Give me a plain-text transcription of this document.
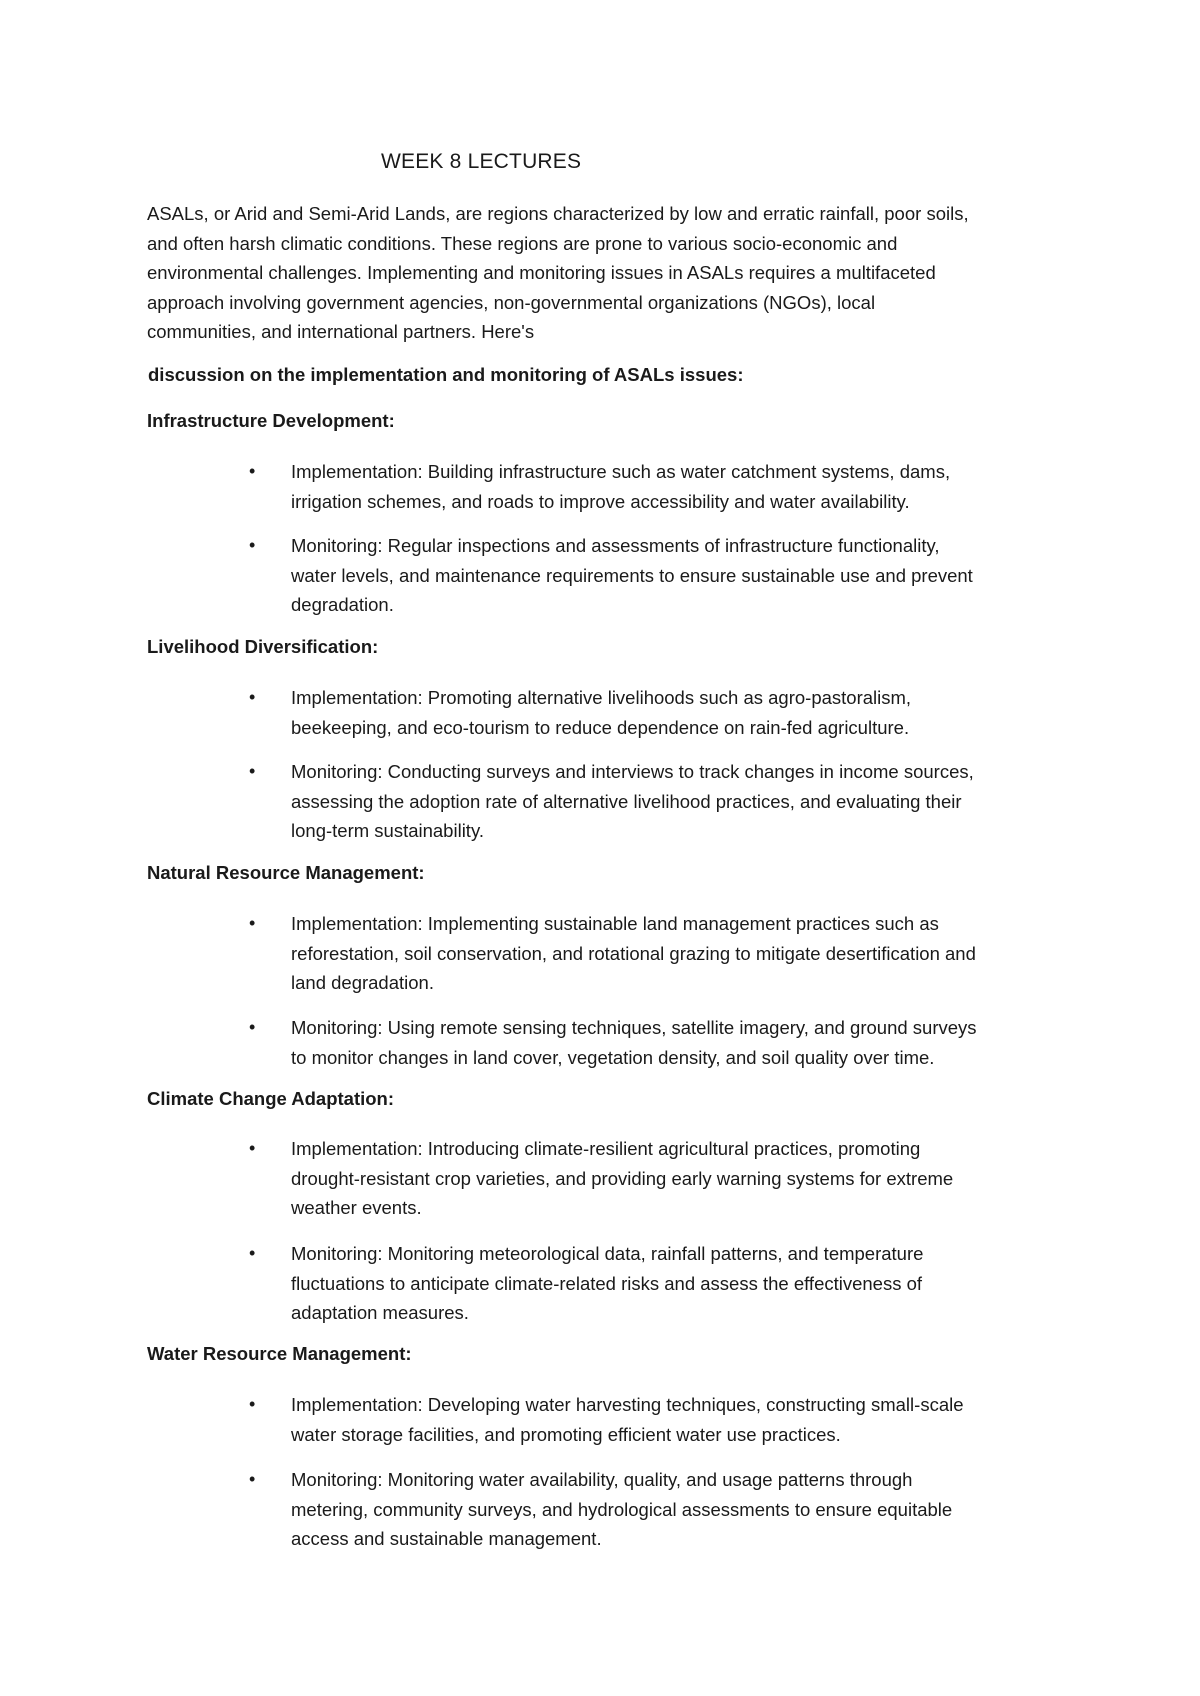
WEEK 8 LECTURES

ASALs, or Arid and Semi-Arid Lands, are regions characterized by low and erratic rainfall, poor soils,
and often harsh climatic conditions. These regions are prone to various socio-economic and
environmental challenges. Implementing and monitoring issues in ASALs requires a multifaceted
approach involving government agencies, non-governmental organizations (NGOs), local
communities, and international partners. Here's

discussion on the implementation and monitoring of ASALs issues:
Infrastructure Development:
•	Implementation: Building infrastructure such as water catchment systems, dams,
irrigation schemes, and roads to improve accessibility and water availability.

•	Monitoring: Regular inspections and assessments of infrastructure functionality,
water levels, and maintenance requirements to ensure sustainable use and prevent
degradation.

Livelihood Diversification:
•	Implementation: Promoting alternative livelihoods such as agro-pastoralism,
beekeeping, and eco-tourism to reduce dependence on rain-fed agriculture.

•	Monitoring: Conducting surveys and interviews to track changes in income sources,
assessing the adoption rate of alternative livelihood practices, and evaluating their
long-term sustainability.

Natural Resource Management:
•	Implementation: Implementing sustainable land management practices such as
reforestation, soil conservation, and rotational grazing to mitigate desertification and
land degradation.

•	Monitoring: Using remote sensing techniques, satellite imagery, and ground surveys
to monitor changes in land cover, vegetation density, and soil quality over time.

Climate Change Adaptation:
•	Implementation: Introducing climate-resilient agricultural practices, promoting
drought-resistant crop varieties, and providing early warning systems for extreme
weather events.

•	Monitoring: Monitoring meteorological data, rainfall patterns, and temperature
fluctuations to anticipate climate-related risks and assess the effectiveness of
adaptation measures.

Water Resource Management:
•	Implementation: Developing water harvesting techniques, constructing small-scale
water storage facilities, and promoting efficient water use practices.

•	Monitoring: Monitoring water availability, quality, and usage patterns through
metering, community surveys, and hydrological assessments to ensure equitable
access and sustainable management.
